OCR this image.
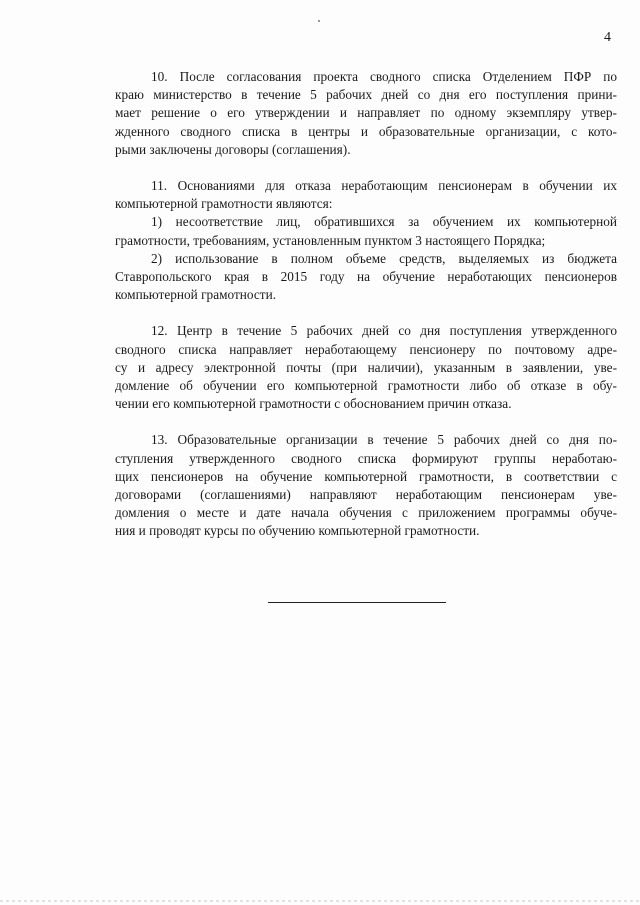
4
10. После согласования проекта сводного списка Отделением ПФР по
краю министерство в течение 5 рабочих дней со дня его поступления прини-
мает решение о его утверждении и направляет по одному экземпляру утвер-
жденного сводного списка в центры и образовательные организации, с кото-
рыми заключены договоры (соглашения).
11. Основаниями для отказа неработающим пенсионерам в обучении их
компьютерной грамотности являются:
1) несоответствие лиц, обратившихся за обучением их компьютерной
грамотности, требованиям, установленным пунктом 3 настоящего Порядка;
2) использование в полном объеме средств, выделяемых из бюджета
Ставропольского края в 2015 году на обучение неработающих пенсионеров
компьютерной грамотности.
12. Центр в течение 5 рабочих дней со дня поступления утвержденного
сводного списка направляет неработающему пенсионеру по почтовому адре-
су и адресу электронной почты (при наличии), указанным в заявлении, уве-
домление об обучении его компьютерной грамотности либо об отказе в обу-
чении его компьютерной грамотности с обоснованием причин отказа.
13. Образовательные организации в течение 5 рабочих дней со дня по-
ступления утвержденного сводного списка формируют группы неработаю-
щих пенсионеров на обучение компьютерной грамотности, в соответствии с
договорами (соглашениями) направляют неработающим пенсионерам уве-
домления о месте и дате начала обучения с приложением программы обуче-
ния и проводят курсы по обучению компьютерной грамотности.
